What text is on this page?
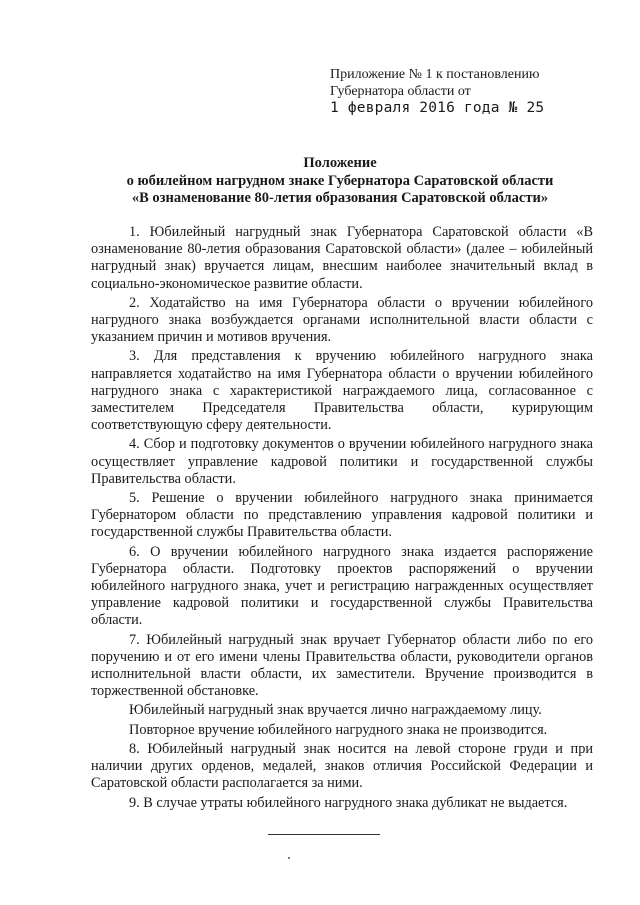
Приложение № 1 к постановлению
Губернатора области от
1 февраля 2016 года № 25
Положение
о юбилейном нагрудном знаке Губернатора Саратовской области
«В ознаменование 80-летия образования Саратовской области»

1. Юбилейный нагрудный знак Губернатора Саратовской области «В ознаменование 80-летия образования Саратовской области» (далее – юбилейный нагрудный знак) вручается лицам, внесшим наиболее значительный вклад в социально-экономическое развитие области.

2. Ходатайство на имя Губернатора области о вручении юбилейного нагрудного знака возбуждается органами исполнительной власти области с указанием причин и мотивов вручения.

3. Для представления к вручению юбилейного нагрудного знака направляется ходатайство на имя Губернатора области о вручении юбилейного нагрудного знака с характеристикой награждаемого лица, согласованное с заместителем Председателя Правительства области, курирующим соответствующую сферу деятельности.

4. Сбор и подготовку документов о вручении юбилейного нагрудного знака осуществляет управление кадровой политики и государственной службы Правительства области.

5. Решение о вручении юбилейного нагрудного знака принимается Губернатором области по представлению управления кадровой политики и государственной службы Правительства области.

6. О вручении юбилейного нагрудного знака издается распоряжение Губернатора области. Подготовку проектов распоряжений о вручении юбилейного нагрудного знака, учет и регистрацию награжденных осуществляет управление кадровой политики и государственной службы Правительства области.

7. Юбилейный нагрудный знак вручает Губернатор области либо по его поручению и от его имени члены Правительства области, руководители органов исполнительной власти области, их заместители. Вручение производится в торжественной обстановке.

Юбилейный нагрудный знак вручается лично награждаемому лицу.

Повторное вручение юбилейного нагрудного знака не производится.

8. Юбилейный нагрудный знак носится на левой стороне груди и при наличии других орденов, медалей, знаков отличия Российской Федерации и Саратовской области располагается за ними.

9. В случае утраты юбилейного нагрудного знака дубликат не выдается.
